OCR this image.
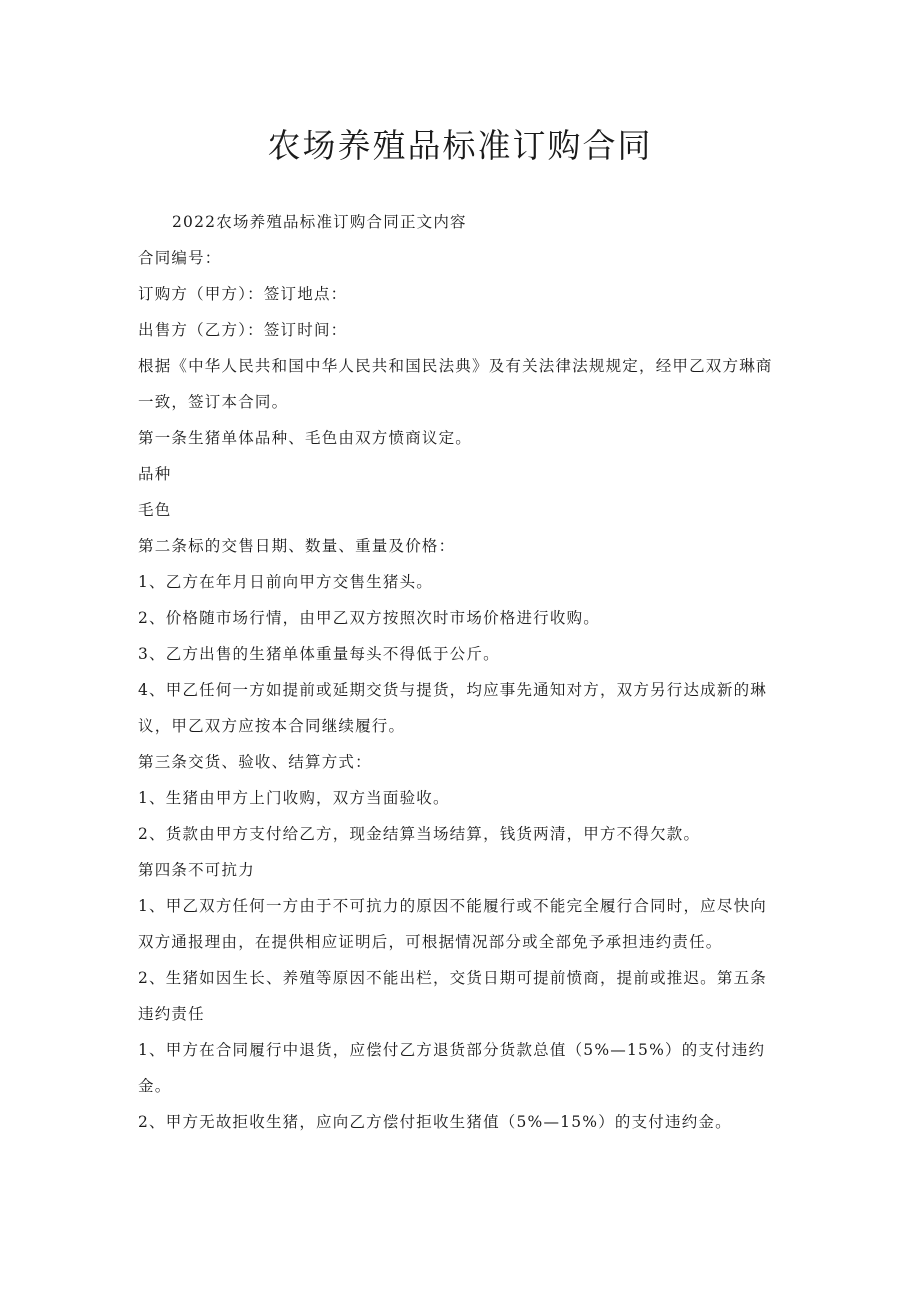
农场养殖品标准订购合同

2022农场养殖品标准订购合同正文内容

合同编号：

订购方（甲方）：签订地点：

出售方（乙方）：签订时间：

根据《中华人民共和国中华人民共和国民法典》及有关法律法规规定，经甲乙双方琳商一致，签订本合同。

第一条生猪单体品种、毛色由双方愤商议定。

品种

毛色

第二条标的交售日期、数量、重量及价格：

1、乙方在年月日前向甲方交售生猪头。

2、价格随市场行情，由甲乙双方按照次时市场价格进行收购。

3、乙方出售的生猪单体重量每头不得低于公斤。

4、甲乙任何一方如提前或延期交货与提货，均应事先通知对方，双方另行达成新的琳议，甲乙双方应按本合同继续履行。

第三条交货、验收、结算方式：

1、生猪由甲方上门收购，双方当面验收。

2、货款由甲方支付给乙方，现金结算当场结算，钱货两清，甲方不得欠款。

第四条不可抗力

1、甲乙双方任何一方由于不可抗力的原因不能履行或不能完全履行合同时，应尽快向双方通报理由，在提供相应证明后，可根据情况部分或全部免予承担违约责任。

2、生猪如因生长、养殖等原因不能出栏，交货日期可提前愤商，提前或推迟。第五条违约责任

1、甲方在合同履行中退货，应偿付乙方退货部分货款总值（5%—15%）的支付违约金。

2、甲方无故拒收生猪，应向乙方偿付拒收生猪值（5%—15%）的支付违约金。
